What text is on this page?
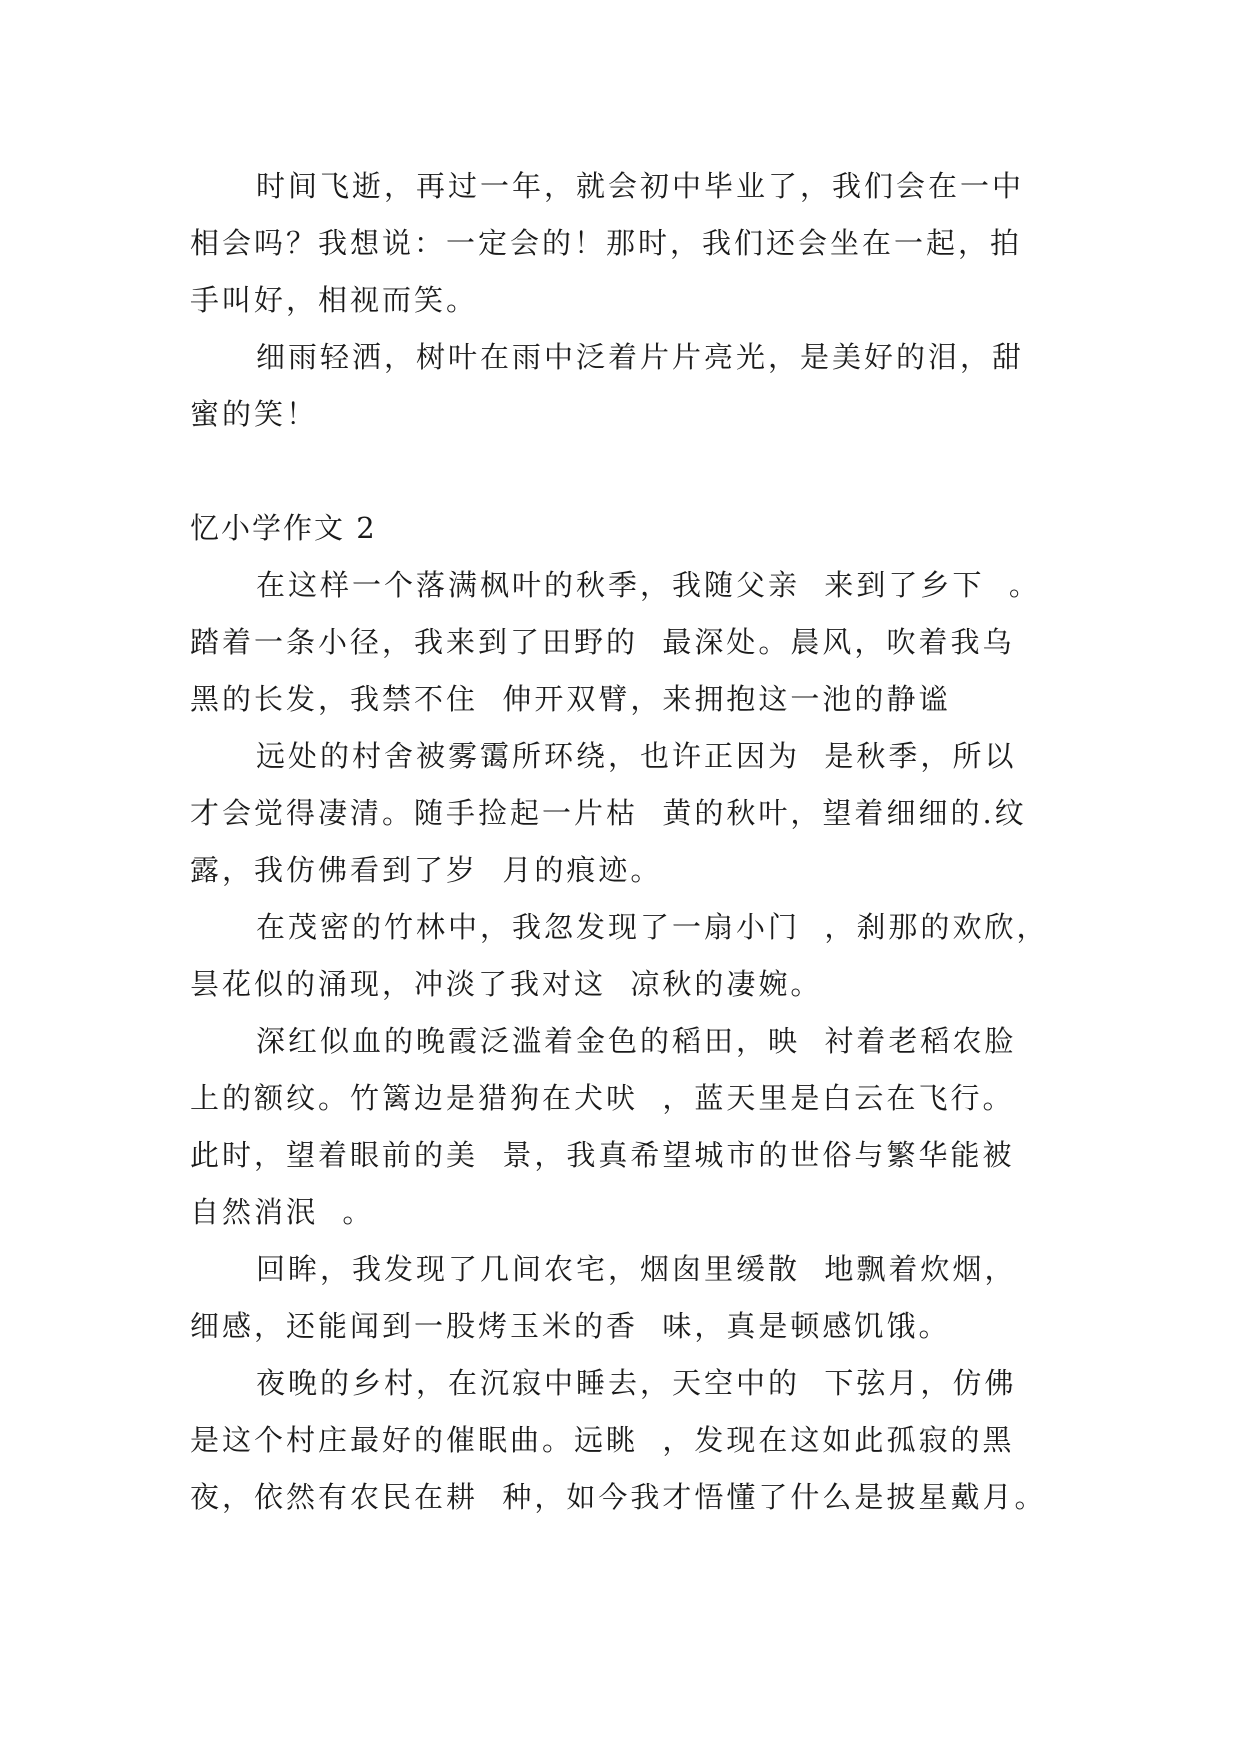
时间飞逝，再过一年，就会初中毕业了，我们会在一中
相会吗？我想说：一定会的！那时，我们还会坐在一起，拍
手叫好，相视而笑。
细雨轻洒，树叶在雨中泛着片片亮光，是美好的泪，甜
蜜的笑！
忆小学作文 2
在这样一个落满枫叶的秋季，我随父亲  来到了乡下  。
踏着一条小径，我来到了田野的  最深处。晨风，吹着我乌
黑的长发，我禁不住  伸开双臂，来拥抱这一池的静谧
远处的村舍被雾霭所环绕，也许正因为  是秋季，所以
才会觉得凄清。随手捡起一片枯  黄的秋叶，望着细细的.纹
露，我仿佛看到了岁  月的痕迹。
在茂密的竹林中，我忽发现了一扇小门  ，刹那的欢欣，
昙花似的涌现，冲淡了我对这  凉秋的凄婉。
深红似血的晚霞泛滥着金色的稻田，映  衬着老稻农脸
上的额纹。竹篱边是猎狗在犬吠  ，蓝天里是白云在飞行。
此时，望着眼前的美  景，我真希望城市的世俗与繁华能被
自然消泯  。
回眸，我发现了几间农宅，烟囱里缓散  地飘着炊烟，
细感，还能闻到一股烤玉米的香  味，真是顿感饥饿。
夜晚的乡村，在沉寂中睡去，天空中的  下弦月，仿佛
是这个村庄最好的催眠曲。远眺  ，发现在这如此孤寂的黑
夜，依然有农民在耕  种，如今我才悟懂了什么是披星戴月。
